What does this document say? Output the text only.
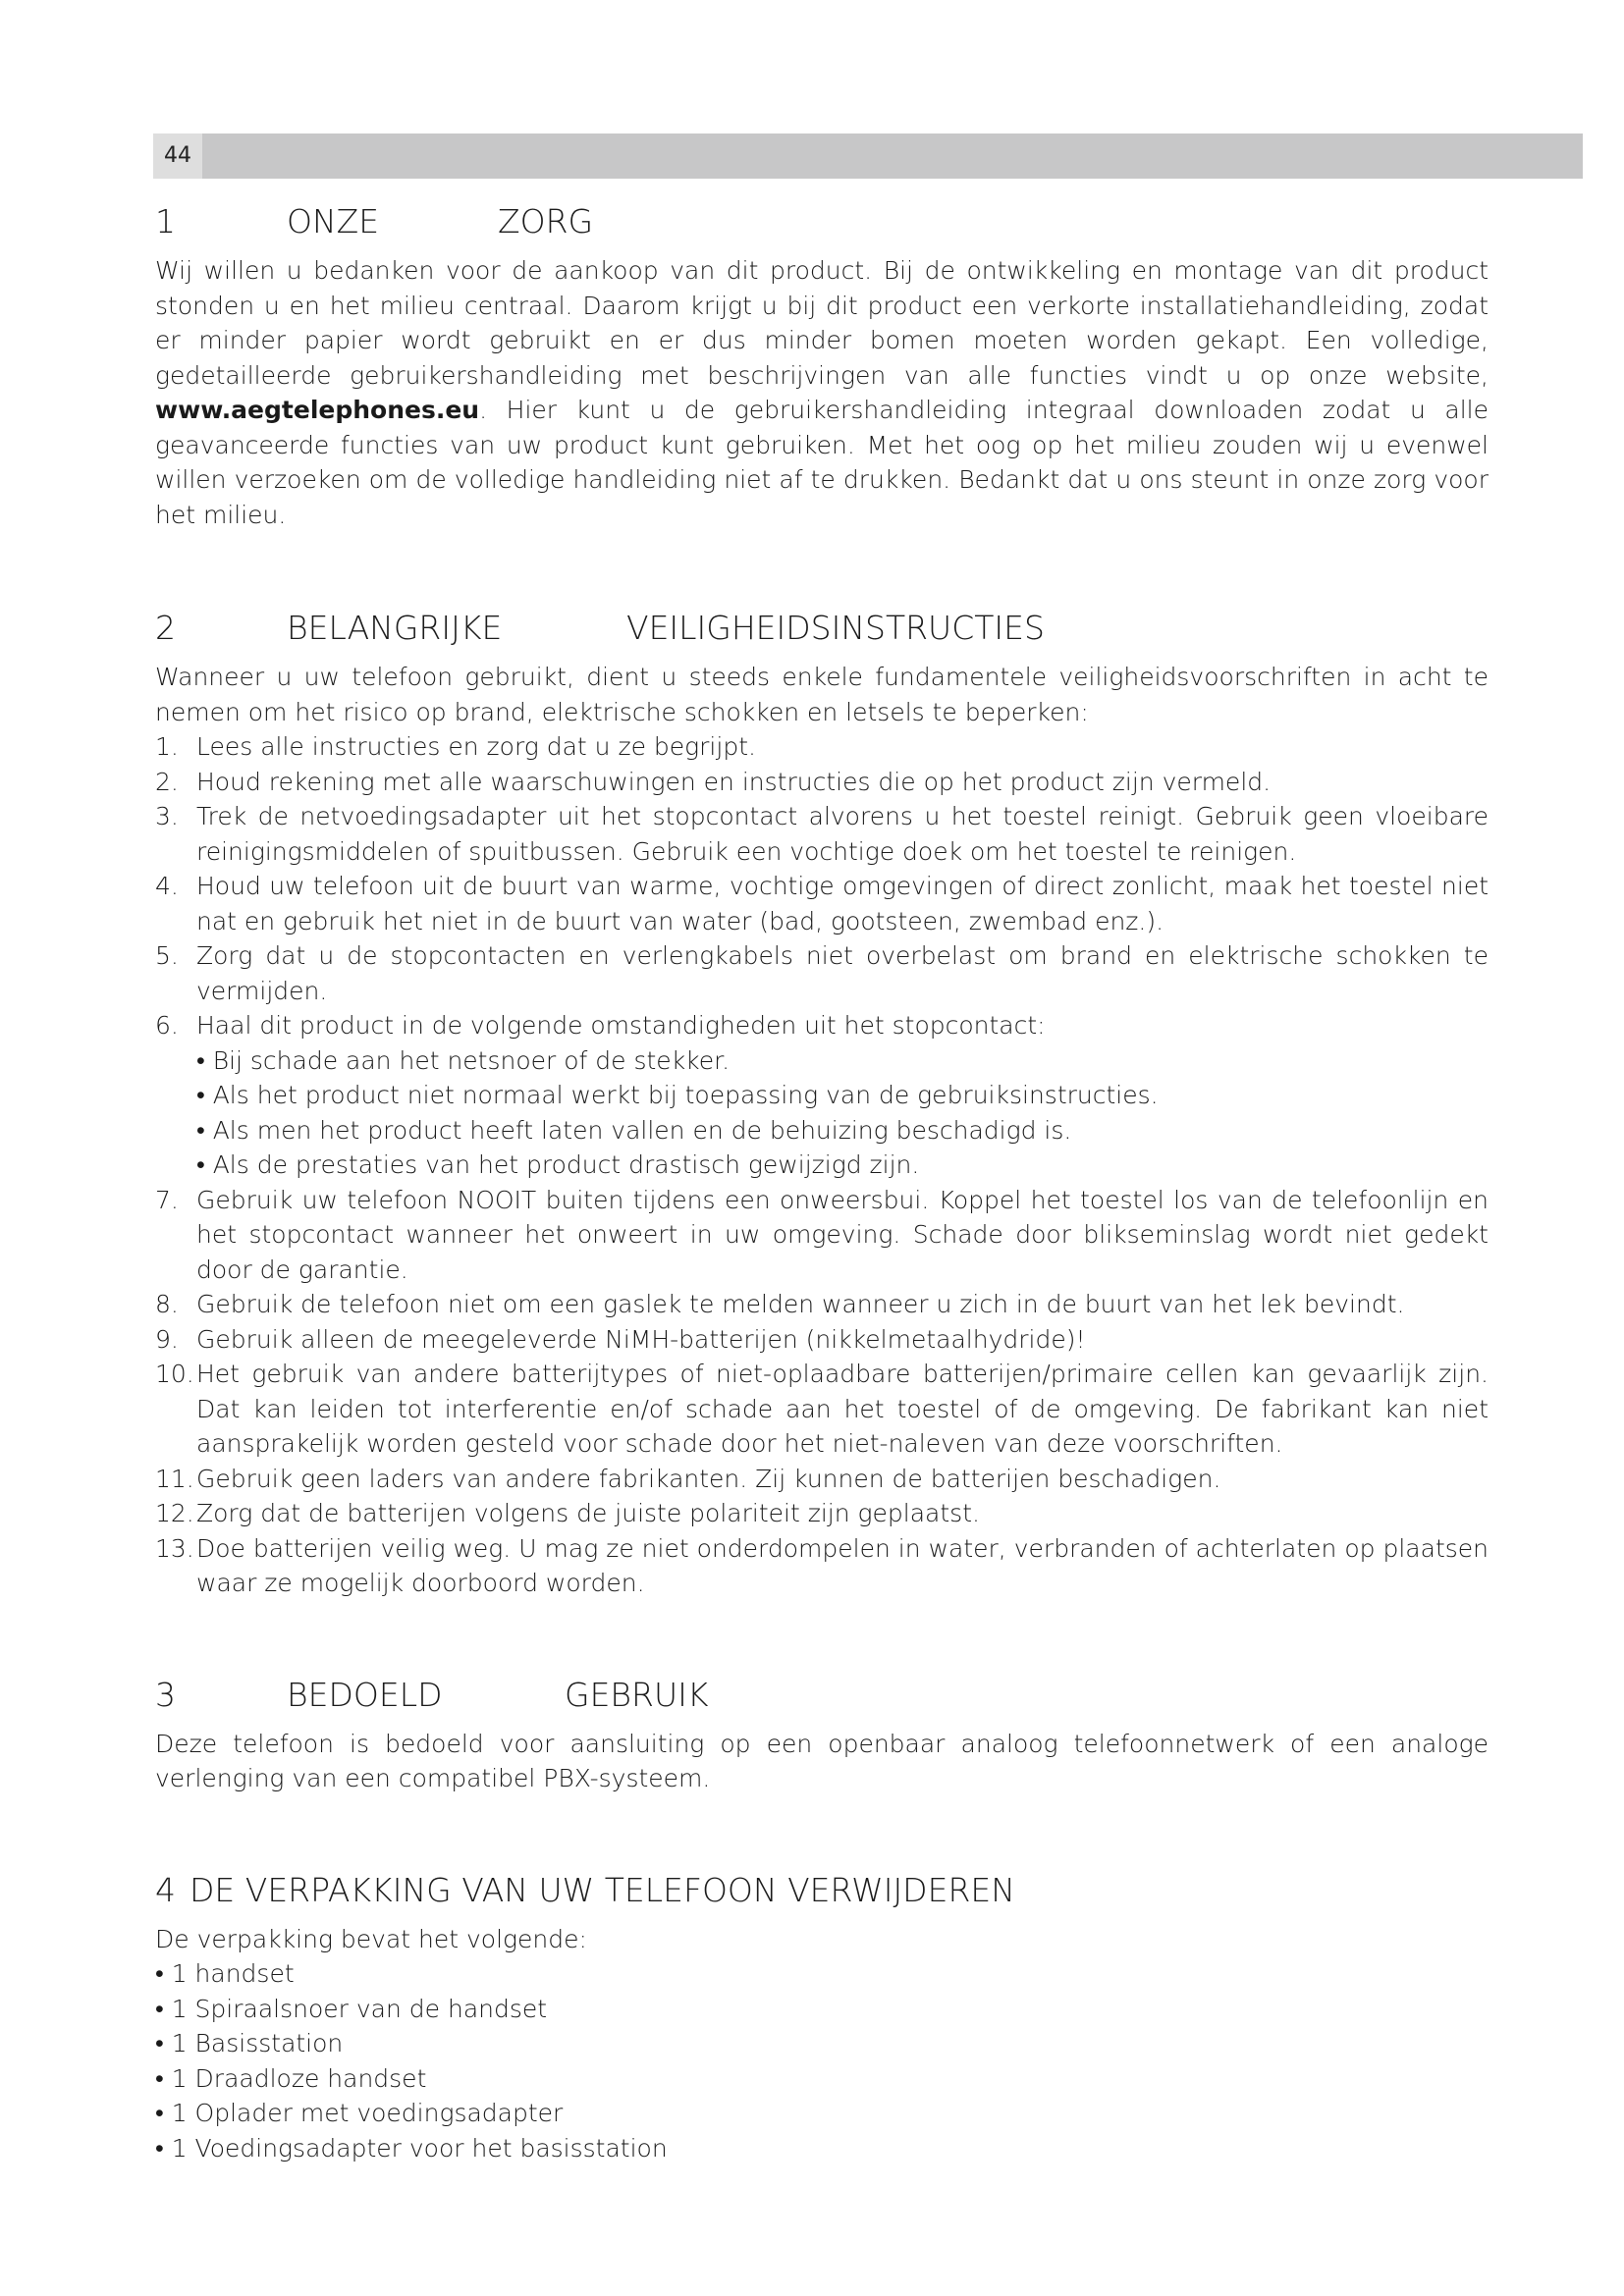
44
1	ONZE	ZORG

Wij willen u bedanken voor de aankoop van dit product. Bij de ontwikkeling en montage van dit product stonden u en het milieu centraal. Daarom krijgt u bij dit product een verkorte installatiehandleiding, zodat er minder papier wordt gebruikt en er dus minder bomen moeten worden gekapt. Een volledige, gedetailleerde gebruikershandleiding met beschrijvingen van alle functies vindt u op onze website, www.aegtelephones.eu. Hier kunt u de gebruikershandleiding integraal downloaden zodat u alle geavanceerde functies van uw product kunt gebruiken. Met het oog op het milieu zouden wij u evenwel willen verzoeken om de volledige handleiding niet af te drukken. Bedankt dat u ons steunt in onze zorg voor het milieu.

2	BELANGRIJKE	VEILIGHEIDSINSTRUCTIES

Wanneer u uw telefoon gebruikt, dient u steeds enkele fundamentele veiligheidsvoorschriften in acht te nemen om het risico op brand, elektrische schokken en letsels te beperken:

1. Lees alle instructies en zorg dat u ze begrijpt.
2. Houd rekening met alle waarschuwingen en instructies die op het product zijn vermeld.
3. Trek de netvoedingsadapter uit het stopcontact alvorens u het toestel reinigt. Gebruik geen vloeibare reinigingsmiddelen of spuitbussen. Gebruik een vochtige doek om het toestel te reinigen.
4. Houd uw telefoon uit de buurt van warme, vochtige omgevingen of direct zonlicht, maak het toestel niet nat en gebruik het niet in de buurt van water (bad, gootsteen, zwembad enz.).
5. Zorg dat u de stopcontacten en verlengkabels niet overbelast om brand en elektrische schokken te vermijden.
6. Haal dit product in de volgende omstandigheden uit het stopcontact:
• Bij schade aan het netsnoer of de stekker.
• Als het product niet normaal werkt bij toepassing van de gebruiksinstructies.
• Als men het product heeft laten vallen en de behuizing beschadigd is.
• Als de prestaties van het product drastisch gewijzigd zijn.
7. Gebruik uw telefoon NOOIT buiten tijdens een onweersbui. Koppel het toestel los van de telefoonlijn en het stopcontact wanneer het onweert in uw omgeving. Schade door blikseminslag wordt niet gedekt door de garantie.
8. Gebruik de telefoon niet om een gaslek te melden wanneer u zich in de buurt van het lek bevindt.
9. Gebruik alleen de meegeleverde NiMH-batterijen (nikkelmetaalhydride)!
10. Het gebruik van andere batterijtypes of niet-oplaadbare batterijen/primaire cellen kan gevaarlijk zijn. Dat kan leiden tot interferentie en/of schade aan het toestel of de omgeving. De fabrikant kan niet aansprakelijk worden gesteld voor schade door het niet-naleven van deze voorschriften.
11. Gebruik geen laders van andere fabrikanten. Zij kunnen de batterijen beschadigen.
12. Zorg dat de batterijen volgens de juiste polariteit zijn geplaatst.
13. Doe batterijen veilig weg. U mag ze niet onderdompelen in water, verbranden of achterlaten op plaatsen waar ze mogelijk doorboord worden.
3	BEDOELD	GEBRUIK

Deze telefoon is bedoeld voor aansluiting op een openbaar analoog telefoonnetwerk of een analoge verlenging van een compatibel PBX-systeem.

4 DE VERPAKKING VAN UW TELEFOON VERWIJDEREN

De verpakking bevat het volgende:

• 1 handset
• 1 Spiraalsnoer van de handset
• 1 Basisstation
• 1 Draadloze handset
• 1 Oplader met voedingsadapter
• 1 Voedingsadapter voor het basisstation
